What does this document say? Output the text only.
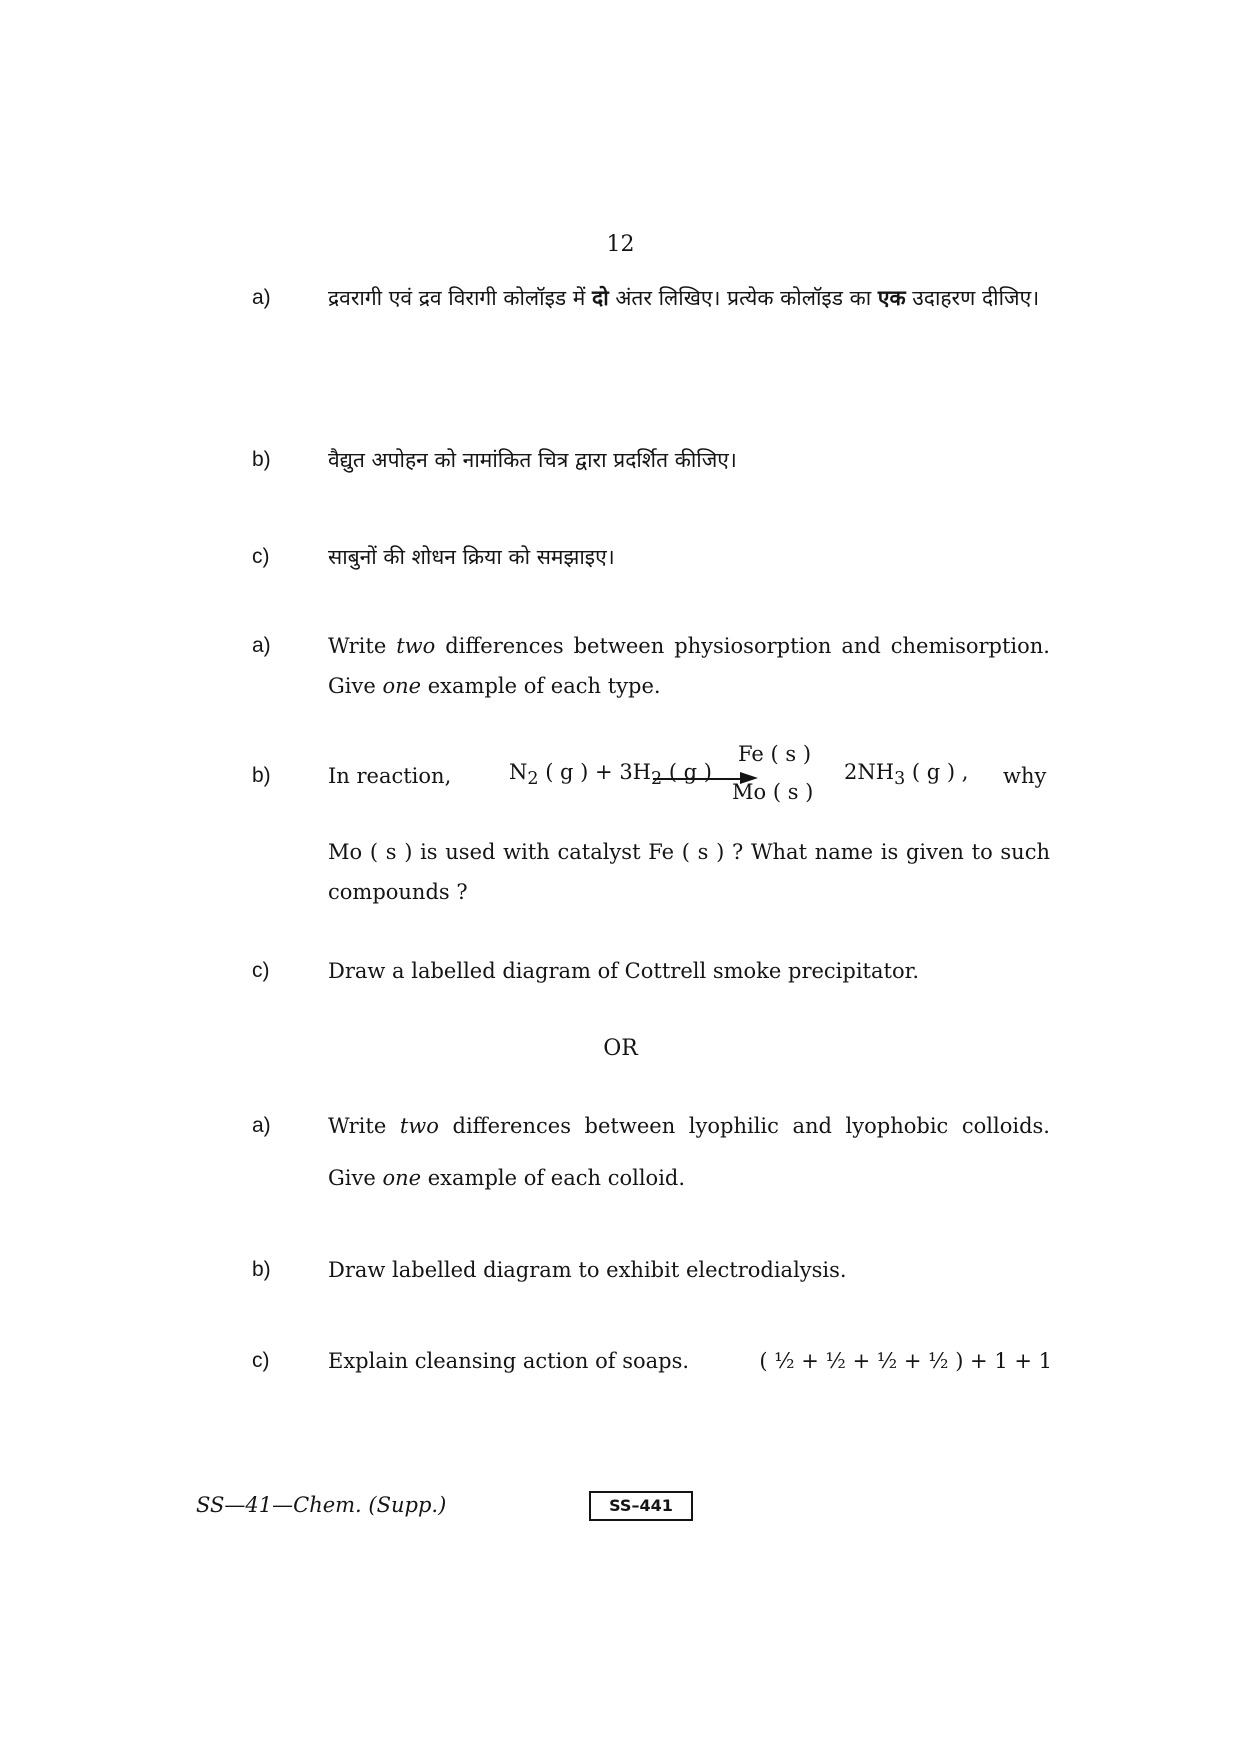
12
a)	द्रवरागी एवं द्रव विरागी कोलॉइड में दो अंतर लिखिए। प्रत्येक कोलॉइड का एक उदाहरण दीजिए।
b)	वैद्युत अपोहन को नामांकित चित्र द्वारा प्रदर्शित कीजिए।
c)	साबुनों की शोधन क्रिया को समझाइए।
a)	Write two differences between physiosorption and chemisorption. Give one example of each type.
b)	In reaction,	$N_2$ ( g ) + $3H_2$ ( g )
Fe ( s )
Mo ( s )
$2NH_3$ ( g ) , why
Mo ( s ) is used with catalyst Fe ( s ) ? What name is given to such compounds ?
c)	Draw a labelled diagram of Cottrell smoke precipitator.
OR
a)	Write two differences between lyophilic and lyophobic colloids.
Give one example of each colloid.
b)	Draw labelled diagram to exhibit electrodialysis.
c)	Explain cleansing action of soaps.	( ½ + ½ + ½ + ½ ) + 1 + 1
SS—41—Chem. (Supp.)	SS–441
